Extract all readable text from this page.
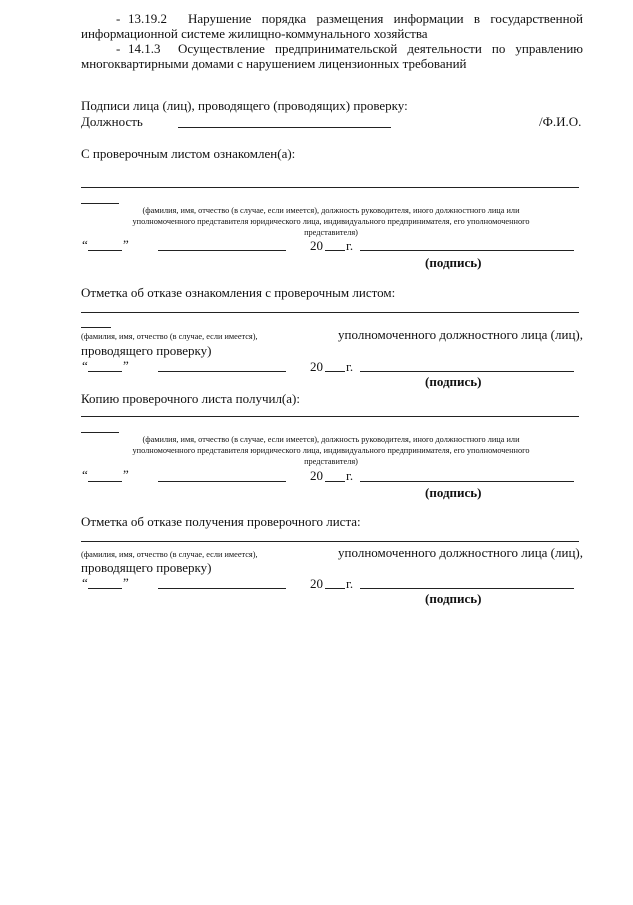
- 13.19.2 Нарушение порядка размещения информации в государственной
информационной системе жилищно-коммунального хозяйства
- 14.1.3 Осуществление предпринимательской деятельности по управлению
многоквартирными домами с нарушением лицензионных требований
Подписи лица (лиц), проводящего (проводящих) проверку:
Должность	/Ф.И.О.
С проверочным листом ознакомлен(а):
(фамилия, имя, отчество (в случае, если имеется), должность руководителя, иного должностного лица или
уполномоченного представителя юридического лица, индивидуального предпринимателя, его уполномоченного
представителя)
“	”	20 г.
(подпись)
Отметка об отказе ознакомления с проверочным листом:
(фамилия, имя, отчество (в случае, если имеется),	уполномоченного должностного лица (лиц),
проводящего проверку)
“	”	20 г.
(подпись)
Копию проверочного листа получил(а):
(фамилия, имя, отчество (в случае, если имеется), должность руководителя, иного должностного лица или
уполномоченного представителя юридического лица, индивидуального предпринимателя, его уполномоченного
представителя)
“	”	20 г.
(подпись)
Отметка об отказе получения проверочного листа:
(фамилия, имя, отчество (в случае, если имеется),	уполномоченного должностного лица (лиц),
проводящего проверку)
“	”	20 г.
(подпись)
